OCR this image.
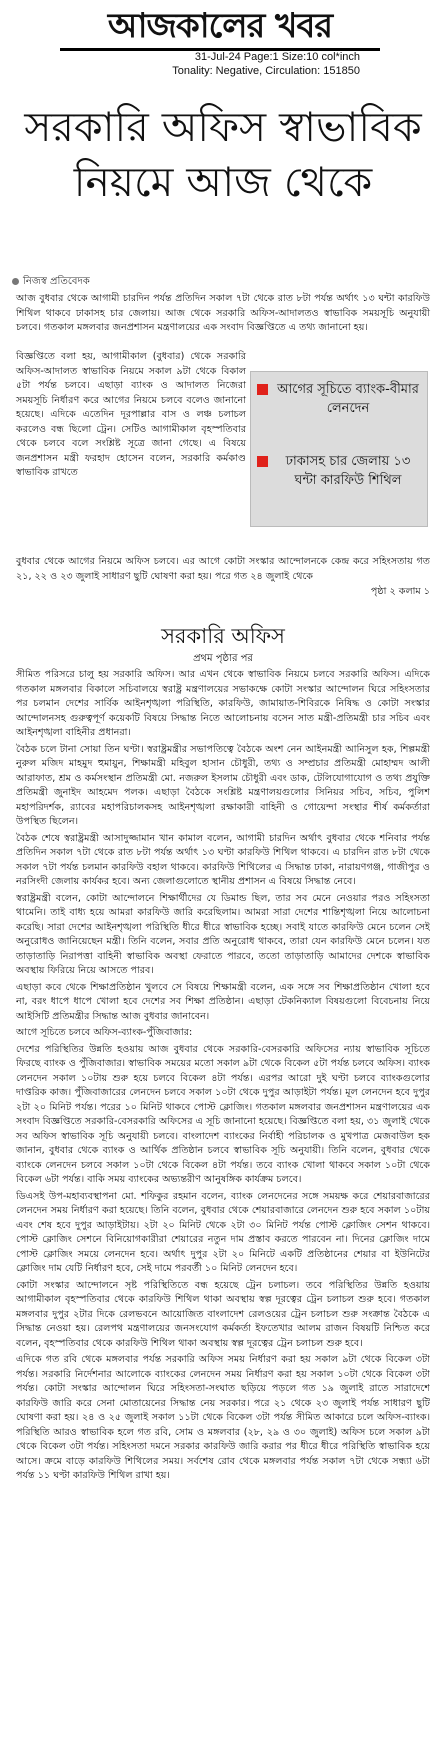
আজকালের খবর
31-Jul-24 Page:1 Size:10 col*inch
Tonality: Negative, Circulation: 151850
সরকারি অফিস স্বাভাবিক নিয়মে আজ থেকে
নিজস্ব প্রতিবেদক

আজ বুধবার থেকে আগামী চারদিন পর্যন্ত প্রতিদিন সকাল ৭টা থেকে রাত ৮টা পর্যন্ত অর্থাৎ ১৩ ঘন্টা কারফিউ শিথিল থাকবে ঢাকাসহ চার জেলায়। আজ থেকে সরকারি অফিস-আদালতও স্বাভাবিক সময়সূচি অনুযায়ী চলবে। গতকাল মঙ্গলবার জনপ্রশাসন মন্ত্রণালয়ের এক সংবাদ বিজ্ঞপ্তিতে এ তথ্য জানানো হয়।

বিজ্ঞপ্তিতে বলা হয়, আগামীকাল (বুধবার) থেকে সরকারি অফিস-আদালত স্বাভাবিক নিয়মে সকাল ৯টা থেকে বিকাল ৫টা পর্যন্ত চলবে। এছাড়া ব্যাংক ও আদালত নিজেরা সময়সূচি নির্ধারণ করে আগের নিয়মে চলবে বলেও জানানো হয়েছে। এদিকে এতেদিন দূরপাল্লার বাস ও লঞ্চ চলাচল করলেও বন্ধ ছিলো ট্রেন। সেটিও আগামীকাল বৃহস্পতিবার থেকে চলবে বলে সংশ্লিষ্ট সূত্রে জানা গেছে। এ বিষয়ে জনপ্রশাসন মন্ত্রী ফরহাদ হোসেন বলেন, সরকারি কর্মকাণ্ড স্বাভাবিক রাখতে

আগের সূচিতে ব্যাংক-বীমার লেনদেন
ঢাকাসহ চার জেলায় ১৩ ঘন্টা কারফিউ শিথিল

বুধবার থেকে আগের নিয়মে অফিস চলবে। এর আগে কোটা সংস্কার আন্দোলনকে কেন্দ্র করে সহিংসতায় গত ২১, ২২ ও ২৩ জুলাই সাধারণ ছুটি ঘোষণা করা হয়। পরে গত ২৪ জুলাই থেকে

পৃষ্ঠা ২ কলাম ১
সরকারি অফিস
প্রথম পৃষ্ঠার পর

সীমিত পরিসরে চালু হয় সরকারি অফিস। আর এখন থেকে স্বাভাবিক নিয়মে চলবে সরকারি অফিস। এদিকে গতকাল মঙ্গলবার বিকালে সচিবালয়ে স্বরাষ্ট্র মন্ত্রণালয়ের সভাকক্ষে কোটা সংস্কার আন্দোলন ঘিরে সহিংসতার পর চলমান দেশের সার্বিক আইনশৃঙ্খলা পরিস্থিতি, কারফিউ, জামায়াত-শিবিরকে নিষিদ্ধ ও কোটা সংস্কার আন্দোলনসহ গুরুত্বপূর্ণ কয়েকটি বিষয়ে সিদ্ধান্ত নিতে আলোচনায় বসেন সাত মন্ত্রী-প্রতিমন্ত্রী চার সচিব এবং আইনশৃঙ্খলা বাহিনীর প্রধানরা।

বৈঠক চলে টানা সোয়া তিন ঘণ্টা। স্বরাষ্ট্রমন্ত্রীর সভাপতিত্বে বৈঠকে অংশ নেন আইনমন্ত্রী আনিসুল হক, শিল্পমন্ত্রী নুরুল মজিদ মাহমুদ হুমায়ুন, শিক্ষামন্ত্রী মহিবুল হাসান চৌধুরী, তথ্য ও সম্প্রচার প্রতিমন্ত্রী মোহাম্মদ আলী আরাফাত, শ্রম ও কর্মসংস্থান প্রতিমন্ত্রী মো. নজরুল ইসলাম চৌধুরী এবং ডাক, টেলিযোগাযোগ ও তথ্য প্রযুক্তি প্রতিমন্ত্রী জুনাইদ আহমেদ পলক। এছাড়া বৈঠকে সংশ্লিষ্ট মন্ত্রণালয়গুলোর সিনিয়র সচিব, সচিব, পুলিশ মহাপরিদর্শক, র‍্যাবের মহাপরিচালকসহ আইনশৃঙ্খলা রক্ষাকারী বাহিনী ও গোয়েন্দা সংস্থার শীর্ষ কর্মকর্তারা উপস্থিত ছিলেন।

বৈঠক শেষে স্বরাষ্ট্রমন্ত্রী আসাদুজ্জামান খান কামাল বলেন, আগামী চারদিন অর্থাৎ বুধবার থেকে শনিবার পর্যন্ত প্রতিদিন সকাল ৭টা থেকে রাত ৮টা পর্যন্ত অর্থাৎ ১৩ ঘণ্টা কারফিউ শিথিল থাকবে। এ চারদিন রাত ৮টা থেকে সকাল ৭টা পর্যন্ত চলমান কারফিউ বহাল থাকবে। কারফিউ শিথিলের এ সিদ্ধান্ত ঢাকা, নারায়ণগঞ্জ, গাজীপুর ও নরসিংদী জেলায় কার্যকর হবে। অন্য জেলাগুলোতে স্থানীয় প্রশাসন এ বিষয়ে সিদ্ধান্ত নেবে।

স্বরাষ্ট্রমন্ত্রী বলেন, কোটা আন্দোলনে শিক্ষার্থীদের যে ডিমান্ড ছিল, তার সব মেনে নেওয়ার পরও সহিংসতা থামেনি। তাই বাধ্য হয়ে আমরা কারফিউ জারি করেছিলাম। আমরা সারা দেশের শান্তিশৃঙ্খলা নিয়ে আলোচনা করেছি। সারা দেশের আইনশৃঙ্খলা পরিস্থিতি ধীরে ধীরে স্বাভাবিক হচ্ছে। সবাই যাতে কারফিউ মেনে চলেন সেই অনুরোধও জানিয়েছেন মন্ত্রী। তিনি বলেন, সবার প্রতি অনুরোধ থাকবে, তারা যেন কারফিউ মেনে চলেন। যত তাড়াতাড়ি নিরাপত্তা বাহিনী স্বাভাবিক অবস্থা ফেরাতে পারবে, ততো তাড়াতাড়ি আমাদের দেশকে স্বাভাবিক অবস্থায় ফিরিয়ে নিয়ে আসতে পারব।

এছাড়া কবে থেকে শিক্ষাপ্রতিষ্ঠান খুলবে সে বিষয়ে শিক্ষামন্ত্রী বলেন, এক সঙ্গে সব শিক্ষাপ্রতিষ্ঠান খোলা হবে না, বরং ধাপে ধাপে খোলা হবে দেশের সব শিক্ষা প্রতিষ্ঠান। এছাড়া টেকনিক্যাল বিষয়গুলো বিবেচনায় নিয়ে আইসিটি প্রতিমন্ত্রীর সিদ্ধান্ত আজ বুধবার জানাবেন।

আগে সূচিতে চলবে অফিস-ব্যাংক-পুঁজিবাজার:

দেশের পরিস্থিতির উন্নতি হওয়ায় আজ বুধবার থেকে সরকারি-বেসরকারি অফিসের ন্যায় স্বাভাবিক সূচিতে ফিরছে ব্যাংক ও পুঁজিবাজার। স্বাভাবিক সময়ের মতো সকাল ৯টা থেকে বিকেল ৫টা পর্যন্ত চলবে অফিস। ব্যাংক লেনদেন সকাল ১০টায় শুরু হয়ে চলবে বিকেল ৪টা পর্যন্ত। এরপর আরো দুই ঘণ্টা চলবে ব্যাংকগুলোর দাপ্তরিক কাজ। পুঁজিবাজারের লেনদেন চলবে সকাল ১০টা থেকে দুপুর আড়াইটা পর্যন্ত। মূল লেনদেন হবে দুপুর ২টা ২০ মিনিট পর্যন্ত। পরের ১০ মিনিট থাকবে পোস্ট ক্লোজিং। গতকাল মঙ্গলবার জনপ্রশাসন মন্ত্রণালয়ের এক সংবাদ বিজ্ঞপ্তিতে সরকারি-বেসরকারি অফিসের এ সূচি জানানো হয়েছে। বিজ্ঞপ্তিতে বলা হয়, ৩১ জুলাই থেকে সব অফিস স্বাভাবিক সূচি অনুযায়ী চলবে। বাংলাদেশ ব্যাংকের নির্বাহী পরিচালক ও মুখপাত্র মেজবাউল হক জানান, বুধবার থেকে ব্যাংক ও আর্থিক প্রতিষ্ঠান চলবে স্বাভাবিক সূচি অনুযায়ী। তিনি বলেন, বুধবার থেকে ব্যাংকে লেনদেন চলবে সকাল ১০টা থেকে বিকেল ৪টা পর্যন্ত। তবে ব্যাংক খোলা থাকবে সকাল ১০টা থেকে বিকেল ৬টা পর্যন্ত। বাকি সময় ব্যাংকের অভ্যন্তরীণ আনুষঙ্গিক কার্যক্রম চলবে।

ডিএসই উপ-মহাব্যবস্থাপনা মো. শফিকুর রহমান বলেন, ব্যাংক লেনদেনের সঙ্গে সময়ক্ষ করে শেয়ারবাজারের লেনদেন সময় নির্ধারণ করা হয়েছে। তিনি বলেন, বুধবার থেকে শেয়ারবাজারে লেনদেন শুরু হবে সকাল ১০টায় এবং শেষ হবে দুপুর আড়াইটায়। ২টা ২০ মিনিট থেকে ২টা ৩০ মিনিট পর্যন্ত পোস্ট ক্লোজিং সেশন থাকবে। পোস্ট ক্লোজিং সেশনে বিনিয়োগকারীরা শেয়ারের নতুন দাম প্রস্তাব করতে পারবেন না। দিনের ক্লোজিং দামে পোস্ট ক্লোজিং সময়ে লেনদেন হবে। অর্থাৎ দুপুর ২টা ২০ মিনিটে একটি প্রতিষ্ঠানের শেয়ার বা ইউনিটের ক্লোজিং দাম যেটি নির্ধারণ হবে, সেই দামে পরবর্তী ১০ মিনিট লেনদেন হবে।

কোটা সংস্কার আন্দোলনে সৃষ্ট পরিস্থিতিতে বন্ধ হয়েছে ট্রেন চলাচল। তবে পরিস্থিতির উন্নতি হওয়ায় আগামীকাল বৃহস্পতিবার থেকে কারফিউ শিথিল থাকা অবস্থায় স্বল্প দূরত্বের ট্রেন চলাচল শুরু হবে। গতকাল মঙ্গলবার দুপুর ২টার দিকে রেলভবনে আয়োজিত বাংলাদেশ রেলওয়ের ট্রেন চলাচল শুরু সংক্রান্ত বৈঠকে এ সিদ্ধান্ত নেওয়া হয়। রেলপথ মন্ত্রণালয়ের জনসংযোগ কর্মকর্তা ইফতেখার আলম রাজন বিষয়টি নিশ্চিত করে বলেন, বৃহস্পতিবার থেকে কারফিউ শিথিল থাকা অবস্থায় স্বল্প দূরত্বের ট্রেন চলাচল শুরু হবে।

এদিকে গত রবি থেকে মঙ্গলবার পর্যন্ত সরকারি অফিস সময় নির্ধারণ করা হয় সকাল ৯টা থেকে বিকেল ৩টা পর্যন্ত। সরকারি নির্দেশনার আলোকে ব্যাংকের লেনদেন সময় নির্ধারণ করা হয় সকাল ১০টা থেকে বিকেল ৩টা পর্যন্ত। কোটা সংস্কার আন্দোলন ঘিরে সহিংসতা-সংঘাত ছড়িয়ে পড়লে গত ১৯ জুলাই রাতে সারাদেশে কারফিউ জারি করে সেনা মোতায়েনের সিদ্ধান্ত নেয় সরকার। পরে ২১ থেকে ২৩ জুলাই পর্যন্ত সাধারণ ছুটি ঘোষণা করা হয়। ২৪ ও ২৫ জুলাই সকাল ১১টা থেকে বিকেল ৩টা পর্যন্ত সীমিত আকারে চলে অফিস-ব্যাংক। পরিস্থিতি আরও স্বাভাবিক হলে গত রবি, সোম ও মঙ্গলবার (২৮, ২৯ ও ৩০ জুলাই) অফিস চলে সকাল ৯টা থেকে বিকেল ৩টা পর্যন্ত। সহিংসতা দমনে সরকার কারফিউ জারি করার পর ধীরে ধীরে পরিস্থিতি স্বাভাবিক হয়ে আসে। ক্রমে বাড়ে কারফিউ শিথিলের সময়। সর্বশেষ রোব থেকে মঙ্গলবার পর্যন্ত সকাল ৭টা থেকে সন্ধ্যা ৬টা পর্যন্ত ১১ ঘণ্টা কারফিউ শিথিল রাখা হয়।
